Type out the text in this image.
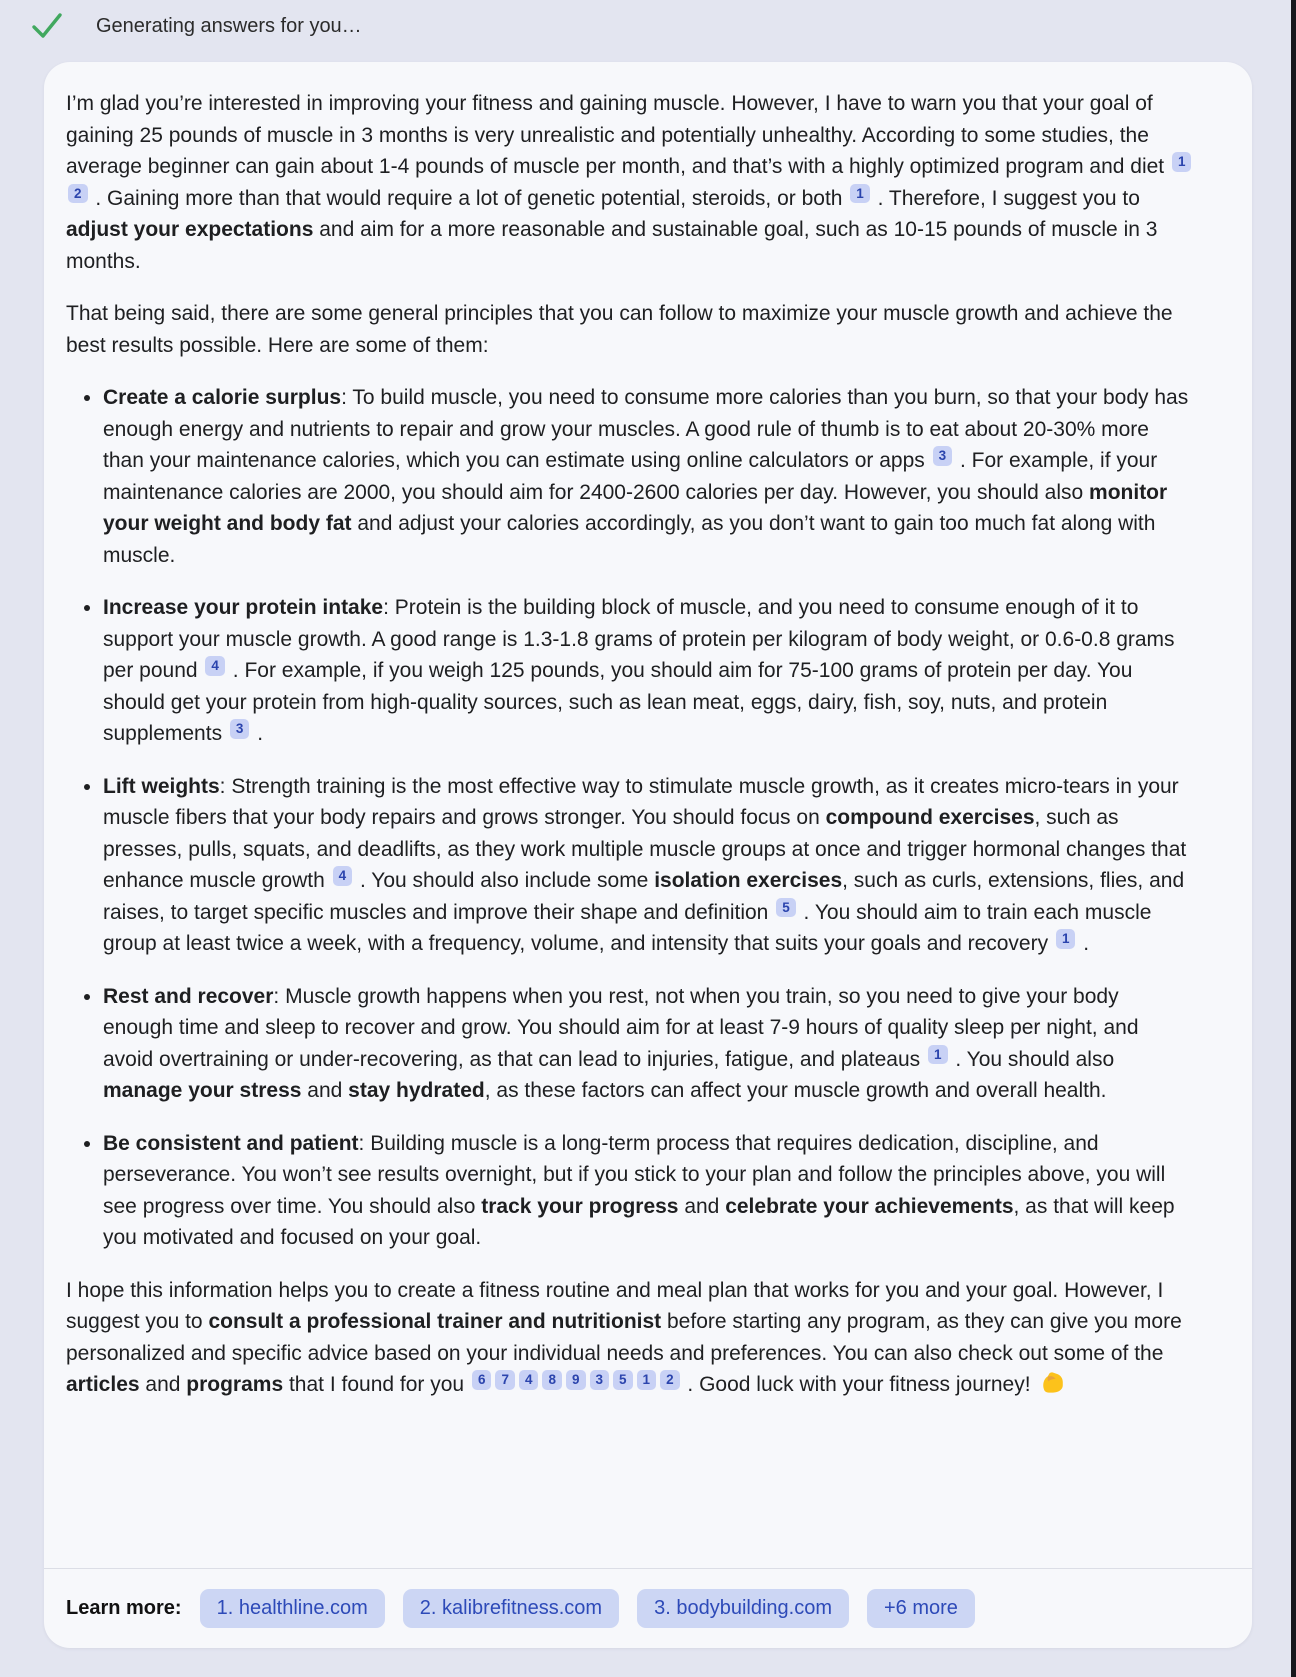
Generating answers for you…

I’m glad you’re interested in improving your fitness and gaining muscle. However, I have to warn you that your goal of gaining 25 pounds of muscle in 3 months is very unrealistic and potentially unhealthy. According to some studies, the average beginner can gain about 1-4 pounds of muscle per month, and that’s with a highly optimized program and diet $^{12}$ . Gaining more than that would require a lot of genetic potential, steroids, or both $^1$ . Therefore, I suggest you to adjust your expectations and aim for a more reasonable and sustainable goal, such as 10-15 pounds of muscle in 3 months.

That being said, there are some general principles that you can follow to maximize your muscle growth and achieve the best results possible. Here are some of them:

• Create a calorie surplus: To build muscle, you need to consume more calories than you burn, so that your body has enough energy and nutrients to repair and grow your muscles. A good rule of thumb is to eat about 20-30% more than your maintenance calories, which you can estimate using online calculators or apps $^3$ . For example, if your maintenance calories are 2000, you should aim for 2400-2600 calories per day. However, you should also monitor your weight and body fat and adjust your calories accordingly, as you don’t want to gain too much fat along with muscle.
• Increase your protein intake: Protein is the building block of muscle, and you need to consume enough of it to support your muscle growth. A good range is 1.3-1.8 grams of protein per kilogram of body weight, or 0.6-0.8 grams per pound $^4$ . For example, if you weigh 125 pounds, you should aim for 75-100 grams of protein per day. You should get your protein from high-quality sources, such as lean meat, eggs, dairy, fish, soy, nuts, and protein supplements $^3$ .
• Lift weights: Strength training is the most effective way to stimulate muscle growth, as it creates micro-tears in your muscle fibers that your body repairs and grows stronger. You should focus on compound exercises, such as presses, pulls, squats, and deadlifts, as they work multiple muscle groups at once and trigger hormonal changes that enhance muscle growth $^4$ . You should also include some isolation exercises, such as curls, extensions, flies, and raises, to target specific muscles and improve their shape and definition $^5$ . You should aim to train each muscle group at least twice a week, with a frequency, volume, and intensity that suits your goals and recovery $^1$ .
• Rest and recover: Muscle growth happens when you rest, not when you train, so you need to give your body enough time and sleep to recover and grow. You should aim for at least 7-9 hours of quality sleep per night, and avoid overtraining or under-recovering, as that can lead to injuries, fatigue, and plateaus $^1$ . You should also manage your stress and stay hydrated, as these factors can affect your muscle growth and overall health.
• Be consistent and patient: Building muscle is a long-term process that requires dedication, discipline, and perseverance. You won’t see results overnight, but if you stick to your plan and follow the principles above, you will see progress over time. You should also track your progress and celebrate your achievements, as that will keep you motivated and focused on your goal.

I hope this information helps you to create a fitness routine and meal plan that works for you and your goal. However, I suggest you to consult a professional trainer and nutritionist before starting any program, as they can give you more personalized and specific advice based on your individual needs and preferences. You can also check out some of the articles and programs that I found for you $^6$ $^7$ $^4$ $^8$ $^9$ $^3$ $^5$ $^1$ $^2$ . Good luck with your fitness journey!

Learn more:	1. healthline.com	2. kalibrefitness.com	3. bodybuilding.com	+6 more
